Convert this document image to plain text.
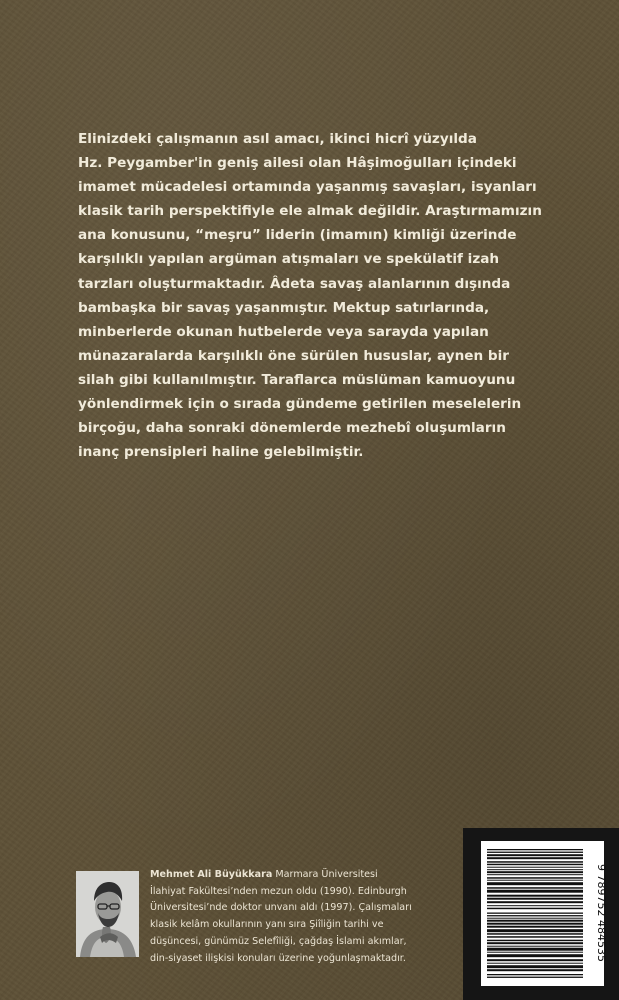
Elinizdeki çalışmanın asıl amacı, ikinci hicrî yüzyılda
Hz. Peygamber'in geniş ailesi olan Hâşimoğulları içindeki
imamet mücadelesi ortamında yaşanmış savaşları, isyanları
klasik tarih perspektifiyle ele almak değildir. Araştırmamızın
ana konusunu, “meşru” liderin (imamın) kimliği üzerinde
karşılıklı yapılan argüman atışmaları ve spekülatif izah
tarzları oluşturmaktadır. Âdeta savaş alanlarının dışında
bambaşka bir savaş yaşanmıştır. Mektup satırlarında,
minberlerde okunan hutbelerde veya sarayda yapılan
münazaralarda karşılıklı öne sürülen hususlar, aynen bir
silah gibi kullanılmıştır. Taraflarca müslüman kamuoyunu
yönlendirmek için o sırada gündeme getirilen meselelerin
birçoğu, daha sonraki dönemlerde mezhebî oluşumların
inanç prensipleri haline gelebilmiştir.

Mehmet Ali Büyükkara Marmara Üniversitesi
İlahiyat Fakültesi’nden mezun oldu (1990). Edinburgh
Üniversitesi’nde doktor unvanı aldı (1997). Çalışmaları
klasik kelâm okullarının yanı sıra Şiîliğin tarihi ve
düşüncesi, günümüz Selefîliği, çağdaş İslami akımlar,
din-siyaset ilişkisi konuları üzerine yoğunlaşmaktadır.	9 789752 484535
